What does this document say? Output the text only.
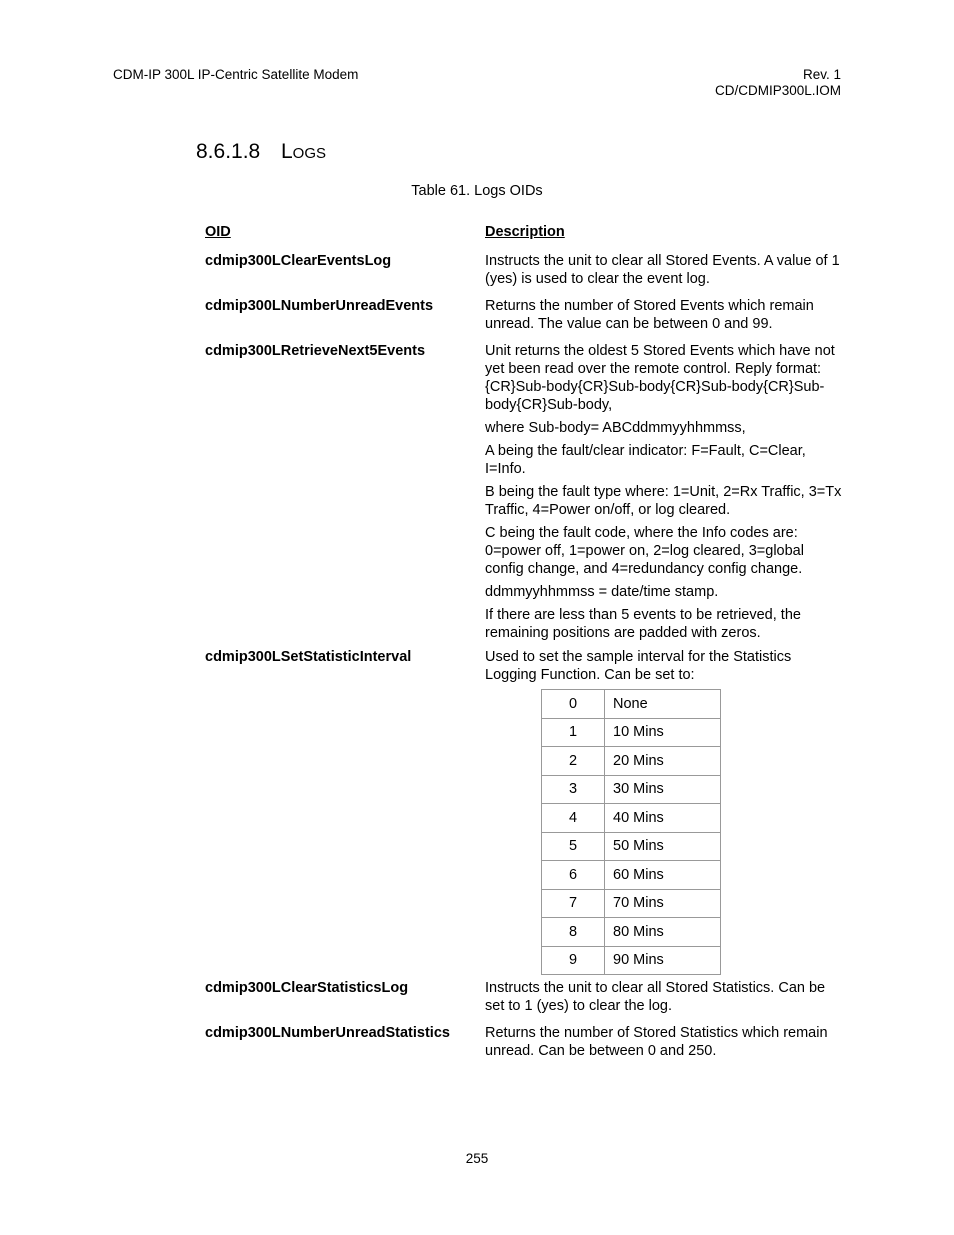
CDM-IP 300L IP-Centric Satellite Modem	Rev. 1
CD/CDMIP300L.IOM
8.6.1.8 Logs
Table 61. Logs OIDs
OID	Description
cdmip300LClearEventsLog	Instructs the unit to clear all Stored Events. A value of 1 (yes) is used to clear the event log.

cdmip300LNumberUnreadEvents	Returns the number of Stored Events which remain unread. The value can be between 0 and 99.

cdmip300LRetrieveNext5Events	Unit returns the oldest 5 Stored Events which have not yet been read over the remote control. Reply format: {CR}Sub-body{CR}Sub-body{CR}Sub-body{CR}Sub-body{CR}Sub-body,

where Sub-body= ABCddmmyyhhmmss,

A being the fault/clear indicator: F=Fault, C=Clear, I=Info.

B being the fault type where: 1=Unit, 2=Rx Traffic, 3=Tx Traffic, 4=Power on/off, or log cleared.

C being the fault code, where the Info codes are: 0=power off, 1=power on, 2=log cleared, 3=global config change, and 4=redundancy config change.

ddmmyyhhmmss = date/time stamp.

If there are less than 5 events to be retrieved, the remaining positions are padded with zeros.

cdmip300LSetStatisticInterval	Used to set the sample interval for the Statistics Logging Function. Can be set to:

0	None
1	10 Mins
2	20 Mins
3	30 Mins
4	40 Mins
5	50 Mins
6	60 Mins
7	70 Mins
8	80 Mins
9	90 Mins
cdmip300LClearStatisticsLog	Instructs the unit to clear all Stored Statistics. Can be set to 1 (yes) to clear the log.

cdmip300LNumberUnreadStatistics Returns the number of Stored Statistics which remain unread. Can be between 0 and 250.

255
